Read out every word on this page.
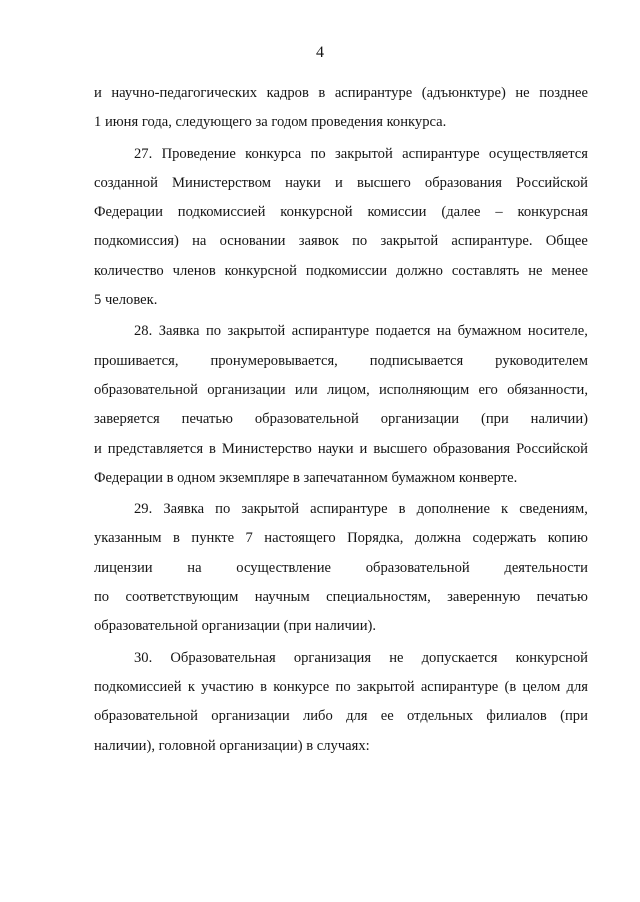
4
и научно-педагогических кадров в аспирантуре (адъюнктуре) не позднее
1 июня года, следующего за годом проведения конкурса.
27. Проведение конкурса по закрытой аспирантуре осуществляется
созданной Министерством науки и высшего образования Российской
Федерации подкомиссией конкурсной комиссии (далее – конкурсная
подкомиссия) на основании заявок по закрытой аспирантуре. Общее
количество членов конкурсной подкомиссии должно составлять не менее
5 человек.
28. Заявка по закрытой аспирантуре подается на бумажном носителе,
прошивается, пронумеровывается, подписывается руководителем
образовательной организации или лицом, исполняющим его обязанности,
заверяется печатью образовательной организации (при наличии)
и представляется в Министерство науки и высшего образования Российской
Федерации в одном экземпляре в запечатанном бумажном конверте.
29. Заявка по закрытой аспирантуре в дополнение к сведениям,
указанным в пункте 7 настоящего Порядка, должна содержать копию
лицензии на осуществление образовательной деятельности
по соответствующим научным специальностям, заверенную печатью
образовательной организации (при наличии).
30. Образовательная организация не допускается конкурсной
подкомиссией к участию в конкурсе по закрытой аспирантуре (в целом для
образовательной организации либо для ее отдельных филиалов (при
наличии), головной организации) в случаях:
